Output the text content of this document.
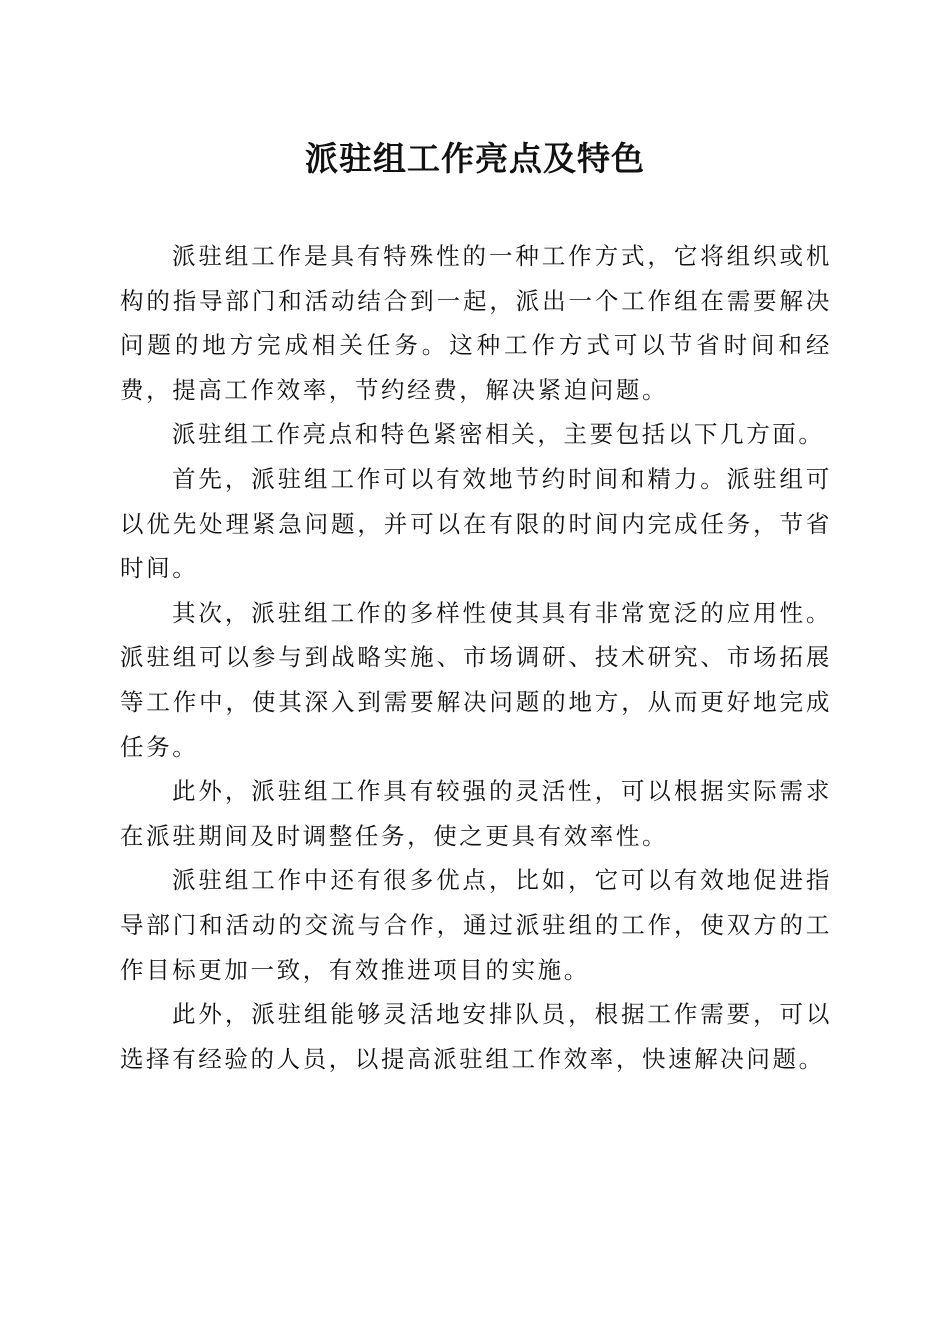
派驻组工作亮点及特色

派驻组工作是具有特殊性的一种工作方式，它将组织或机构的指导部门和活动结合到一起，派出一个工作组在需要解决问题的地方完成相关任务。这种工作方式可以节省时间和经费，提高工作效率，节约经费，解决紧迫问题。

派驻组工作亮点和特色紧密相关，主要包括以下几方面。

首先，派驻组工作可以有效地节约时间和精力。派驻组可以优先处理紧急问题，并可以在有限的时间内完成任务，节省时间。

其次，派驻组工作的多样性使其具有非常宽泛的应用性。派驻组可以参与到战略实施、市场调研、技术研究、市场拓展等工作中，使其深入到需要解决问题的地方，从而更好地完成任务。

此外，派驻组工作具有较强的灵活性，可以根据实际需求在派驻期间及时调整任务，使之更具有效率性。

派驻组工作中还有很多优点，比如，它可以有效地促进指导部门和活动的交流与合作，通过派驻组的工作，使双方的工作目标更加一致，有效推进项目的实施。

此外，派驻组能够灵活地安排队员，根据工作需要，可以选择有经验的人员，以提高派驻组工作效率，快速解决问题。
